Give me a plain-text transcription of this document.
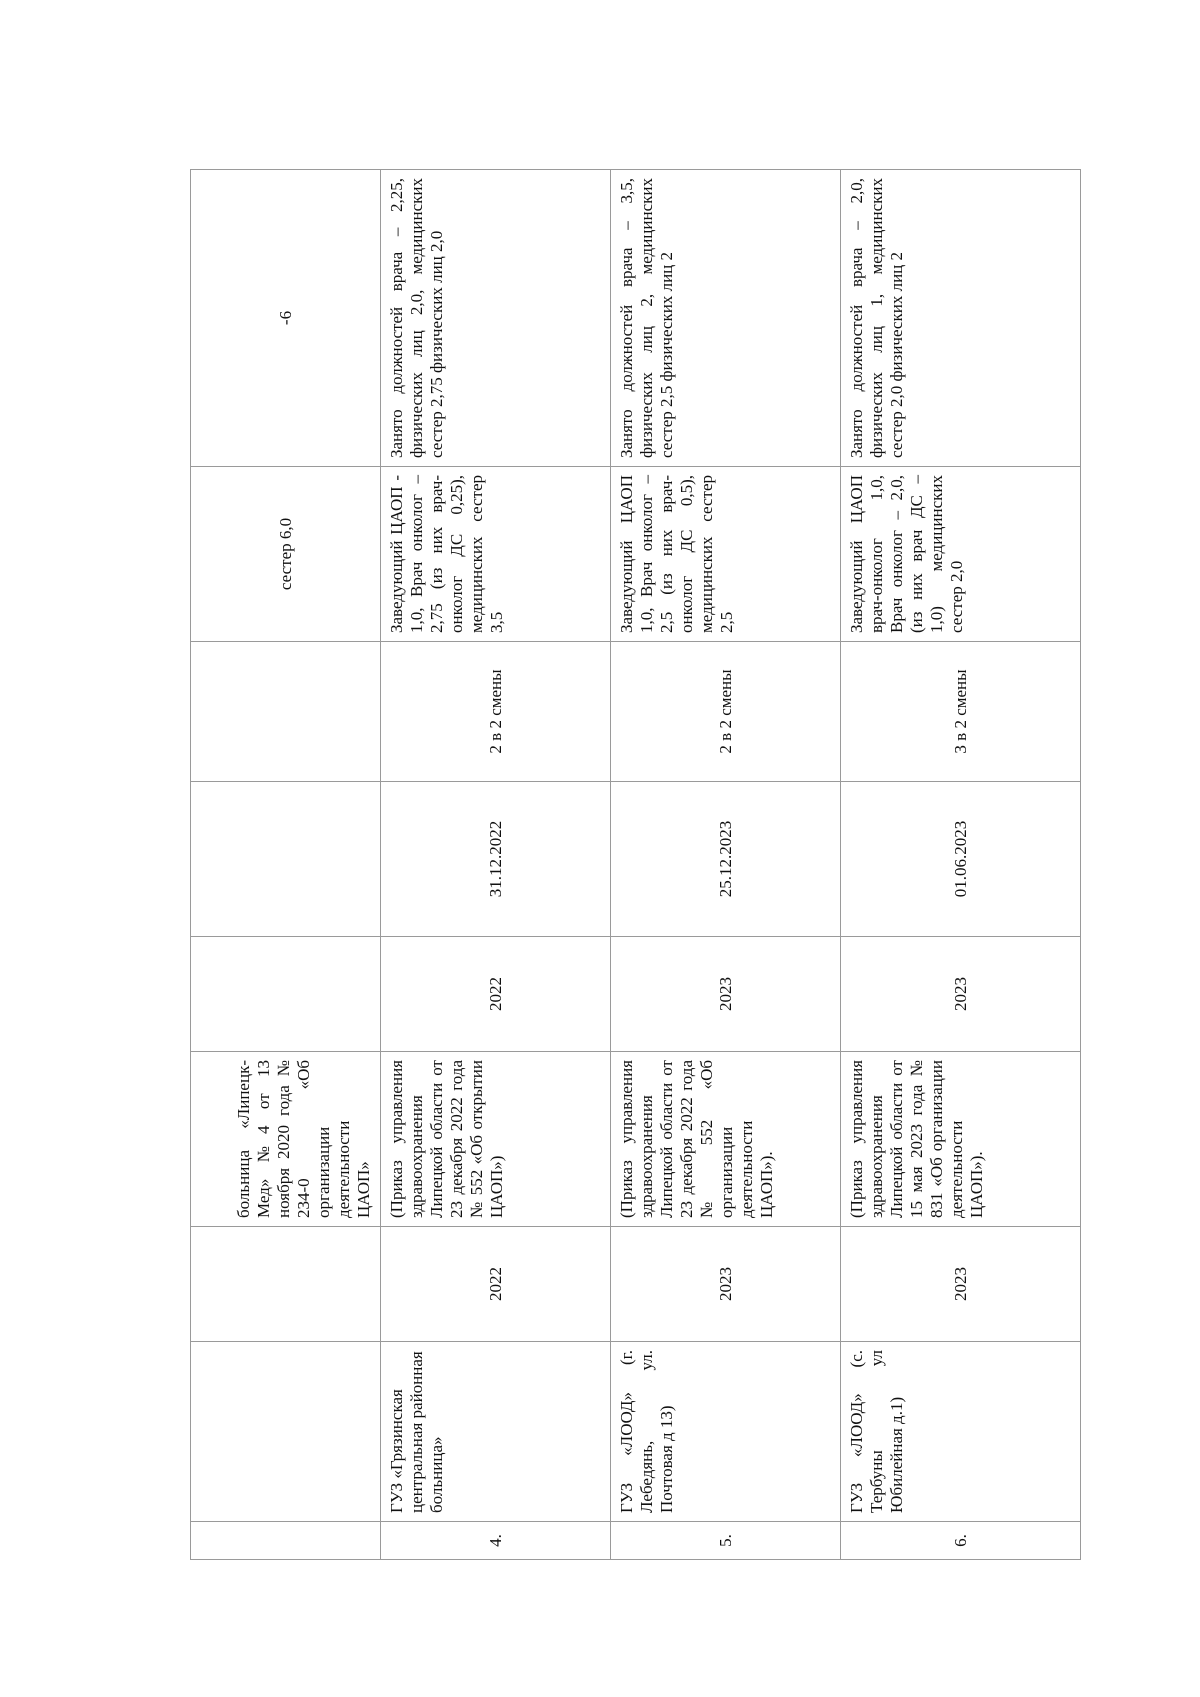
			больница «Липецк-Мед» №4 от 13 ноября 2020 года № 234-0 «Об организации деятельности ЦАОП»				сестер 6,0	-6
4.	ГУЗ «Грязинская центральная районная больница»	2022	(Приказ управления здравоохранения Липецкой области от 23 декабря 2022 года № 552 «Об открытии ЦАОП»)	2022	31.12.2022	2 в 2 смены	Заведующий ЦАОП - 1,0, Врач онколог – 2,75 (из них врач-онколог ДС 0,25), медицинских сестер 3,5	Занято должностей врача – 2,25, физических лиц 2,0, медицинских сестер 2,75 физических лиц 2,0
5.	ГУЗ «ЛООД» (г. Лебедянь, ул. Почтовая д 13)	2023	(Приказ управления здравоохранения Липецкой области от 23 декабря 2022 года № 552 «Об организации деятельности ЦАОП»).	2023	25.12.2023	2 в 2 смены	Заведующий ЦАОП 1,0, Врач онколог – 2,5 (из них врач-онколог ДС 0,5), медицинских сестер 2,5	Занято должностей врача – 3,5, физических лиц 2, медицинских сестер 2,5 физических лиц 2
6.	ГУЗ «ЛООД» (с. Тербуны ул Юбилейная д.1)	2023	(Приказ управления здравоохранения Липецкой области от 15 мая 2023 года № 831 «Об организации деятельности ЦАОП»).	2023	01.06.2023	3 в 2 смены	Заведующий ЦАОП врач-онколог 1,0, Врач онколог – 2,0, (из них врач ДС – 1,0) медицинских сестер 2,0	Занято должностей врача – 2,0, физических лиц 1, медицинских сестер 2,0 физических лиц 2
